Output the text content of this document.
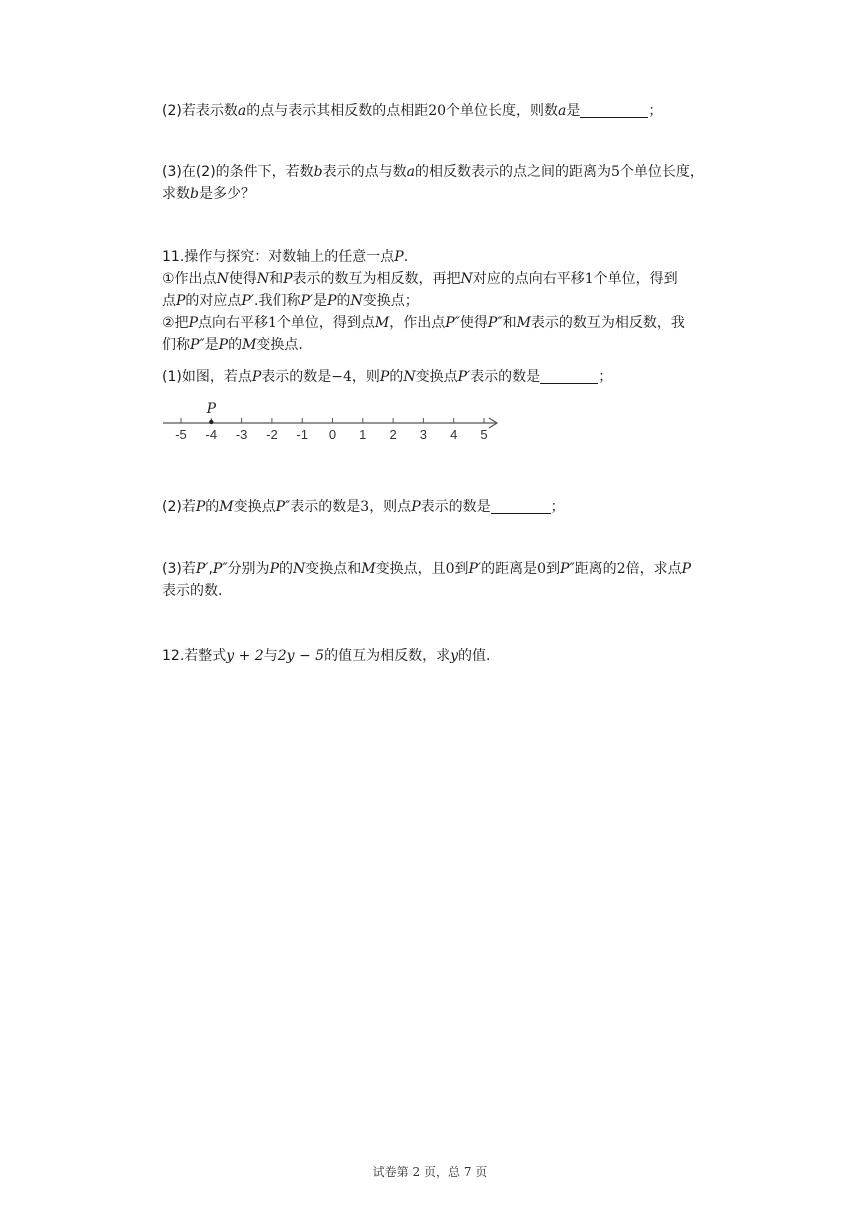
(2)若表示数a的点与表示其相反数的点相距20个单位长度，则数a是	；
(3)在(2)的条件下，若数b表示的点与数a的相反数表示的点之间的距离为5个单位长度，
求数b是多少？
11.操作与探究：对数轴上的任意一点P.
①作出点N使得N和P表示的数互为相反数，再把N对应的点向右平移1个单位，得到
点P的对应点P′.我们称P′是P的N变换点；
②把P点向右平移1个单位，得到点M，作出点P″使得P″和M表示的数互为相反数，我
们称P″是P的M变换点.
(1)如图，若点P表示的数是−4，则P的N变换点P′表示的数是	；
-5 -4 -3 -2 -1 0 1 2 3 4 5
P
(2)若P的M变换点P″表示的数是3，则点P表示的数是	；
(3)若P′,P″分别为P的N变换点和M变换点，且0到P′的距离是0到P″距离的2倍，求点P
表示的数.
12.若整式y + 2与2y − 5的值互为相反数，求y的值.
试卷第 2 页，总 7 页
